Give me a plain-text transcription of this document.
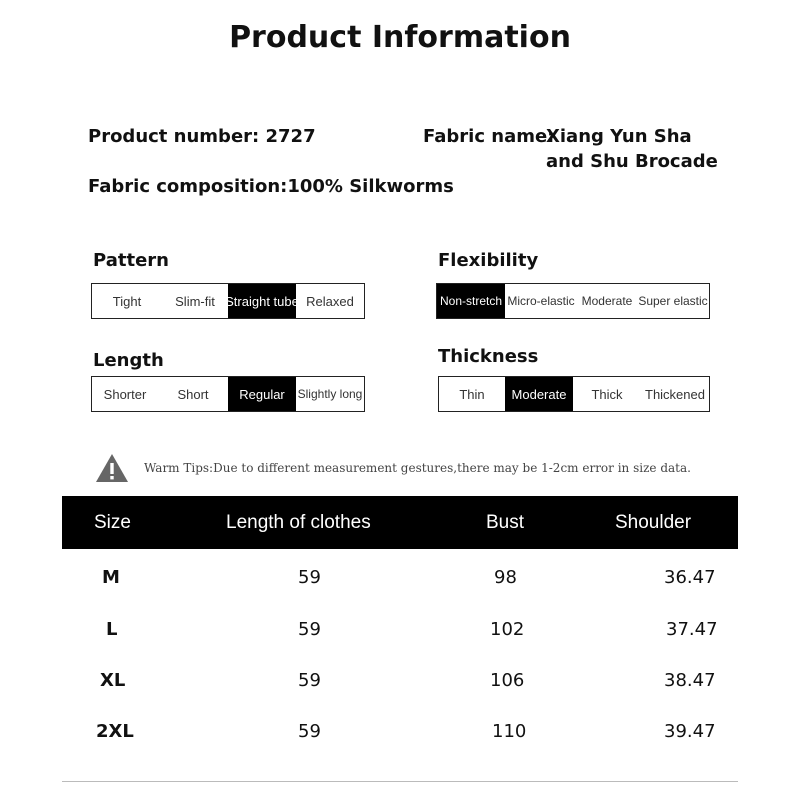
Product Information
Product number: 2727	Fabric name:
Xiang Yun Sha
and Shu Brocade
Fabric composition:100% Silkworms
Pattern
Tight	Slim-fit Straight tube Relaxed
Flexibility
Non-stretch Micro-elastic Moderate Super elastic
Length
Shorter	Short	Regular	Slightly long
Thickness
Thin	Moderate	Thick	Thickened
Warm Tips:Due to different measurement gestures,there may be 1-2cm error in size data.
Size	Length of clothes	Bust	Shoulder width
M	59	98	36.47
L	59	102	37.47
XL	59	106	38.47
2XL	59	110	39.47
